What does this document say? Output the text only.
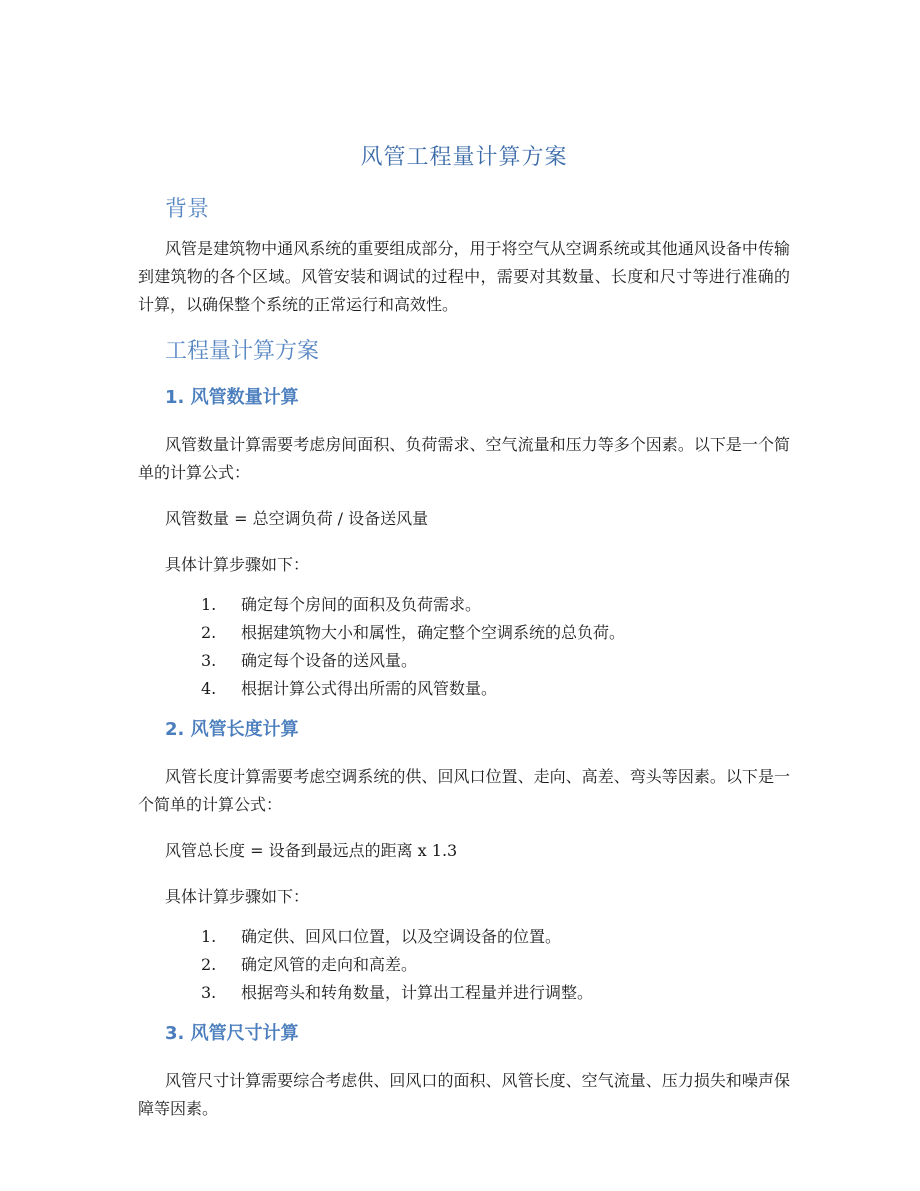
风管工程量计算方案
背景

风管是建筑物中通风系统的重要组成部分，用于将空气从空调系统或其他通风设备中传输到建筑物的各个区域。风管安装和调试的过程中，需要对其数量、长度和尺寸等进行准确的计算，以确保整个系统的正常运行和高效性。

工程量计算方案
1. 风管数量计算

风管数量计算需要考虑房间面积、负荷需求、空气流量和压力等多个因素。以下是一个简单的计算公式：

风管数量 = 总空调负荷 / 设备送风量

具体计算步骤如下：

1.	确定每个房间的面积及负荷需求。
2.	根据建筑物大小和属性，确定整个空调系统的总负荷。
3.	确定每个设备的送风量。
4.	根据计算公式得出所需的风管数量。
2. 风管长度计算

风管长度计算需要考虑空调系统的供、回风口位置、走向、高差、弯头等因素。以下是一个简单的计算公式：

风管总长度 = 设备到最远点的距离 x 1.3

具体计算步骤如下：

1.	确定供、回风口位置，以及空调设备的位置。
2.	确定风管的走向和高差。
3.	根据弯头和转角数量，计算出工程量并进行调整。
3. 风管尺寸计算

风管尺寸计算需要综合考虑供、回风口的面积、风管长度、空气流量、压力损失和噪声保障等因素。
